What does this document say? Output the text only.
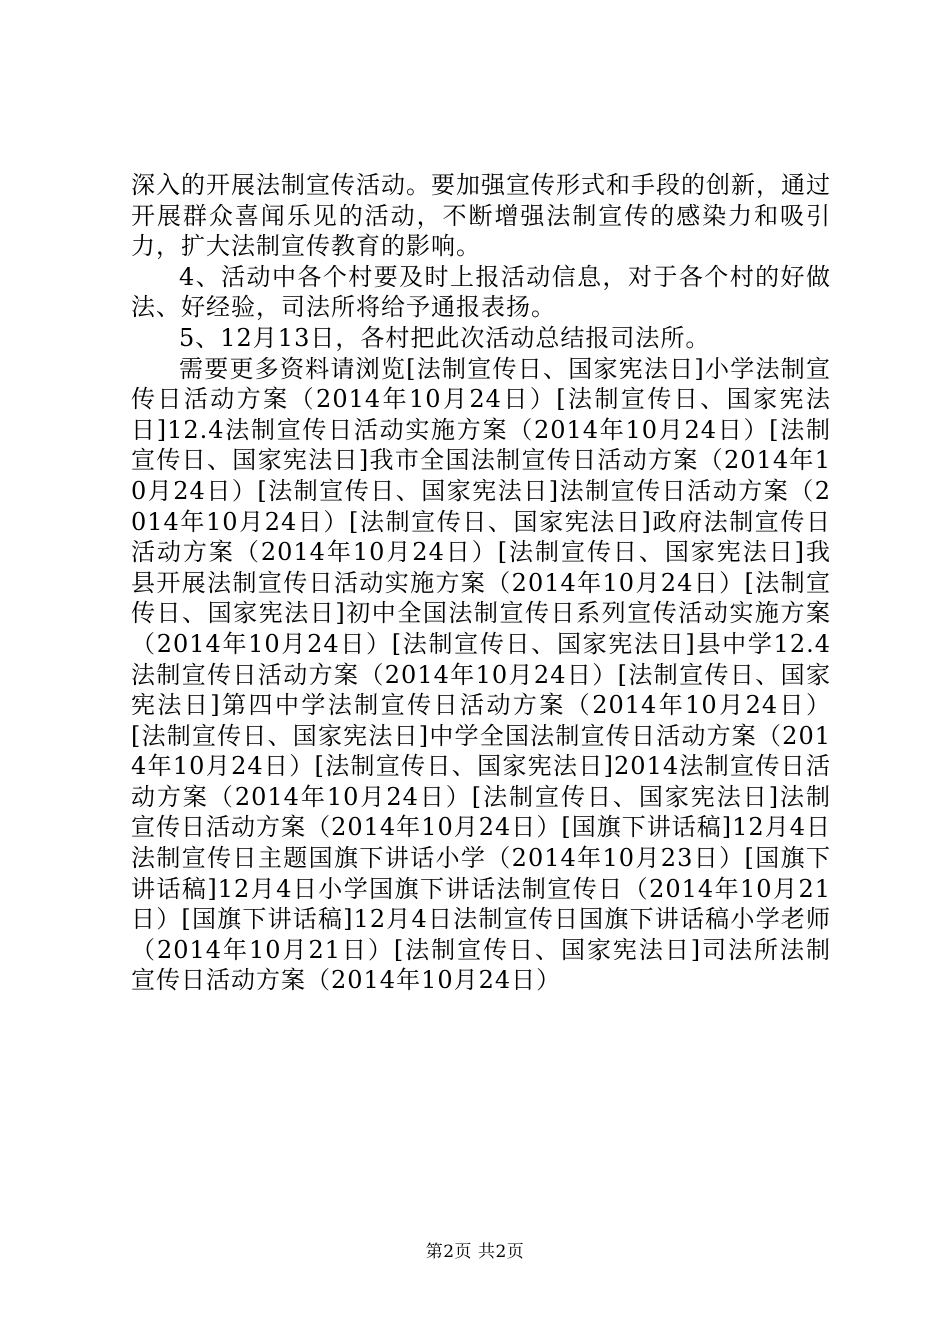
深入的开展法制宣传活动。要加强宣传形式和手段的创新，通过开展群众喜闻乐见的活动，不断增强法制宣传的感染力和吸引力，扩大法制宣传教育的影响。

4、活动中各个村要及时上报活动信息，对于各个村的好做法、好经验，司法所将给予通报表扬。

5、12月13日，各村把此次活动总结报司法所。

需要更多资料请浏览[法制宣传日、国家宪法日]小学法制宣传日活动方案（2014年10月24日）[法制宣传日、国家宪法日]12.4法制宣传日活动实施方案（2014年10月24日）[法制宣传日、国家宪法日]我市全国法制宣传日活动方案（2014年10月24日）[法制宣传日、国家宪法日]法制宣传日活动方案（2014年10月24日）[法制宣传日、国家宪法日]政府法制宣传日活动方案（2014年10月24日）[法制宣传日、国家宪法日]我县开展法制宣传日活动实施方案（2014年10月24日）[法制宣传日、国家宪法日]初中全国法制宣传日系列宣传活动实施方案（2014年10月24日）[法制宣传日、国家宪法日]县中学12.4法制宣传日活动方案（2014年10月24日）[法制宣传日、国家宪法日]第四中学法制宣传日活动方案（2014年10月24日）[法制宣传日、国家宪法日]中学全国法制宣传日活动方案（2014年10月24日）[法制宣传日、国家宪法日]2014法制宣传日活动方案（2014年10月24日）[法制宣传日、国家宪法日]法制宣传日活动方案（2014年10月24日）[国旗下讲话稿]12月4日法制宣传日主题国旗下讲话小学（2014年10月23日）[国旗下讲话稿]12月4日小学国旗下讲话法制宣传日（2014年10月21日）[国旗下讲话稿]12月4日法制宣传日国旗下讲话稿小学老师（2014年10月21日）[法制宣传日、国家宪法日]司法所法制宣传日活动方案（2014年10月24日）

第2页 共2页
